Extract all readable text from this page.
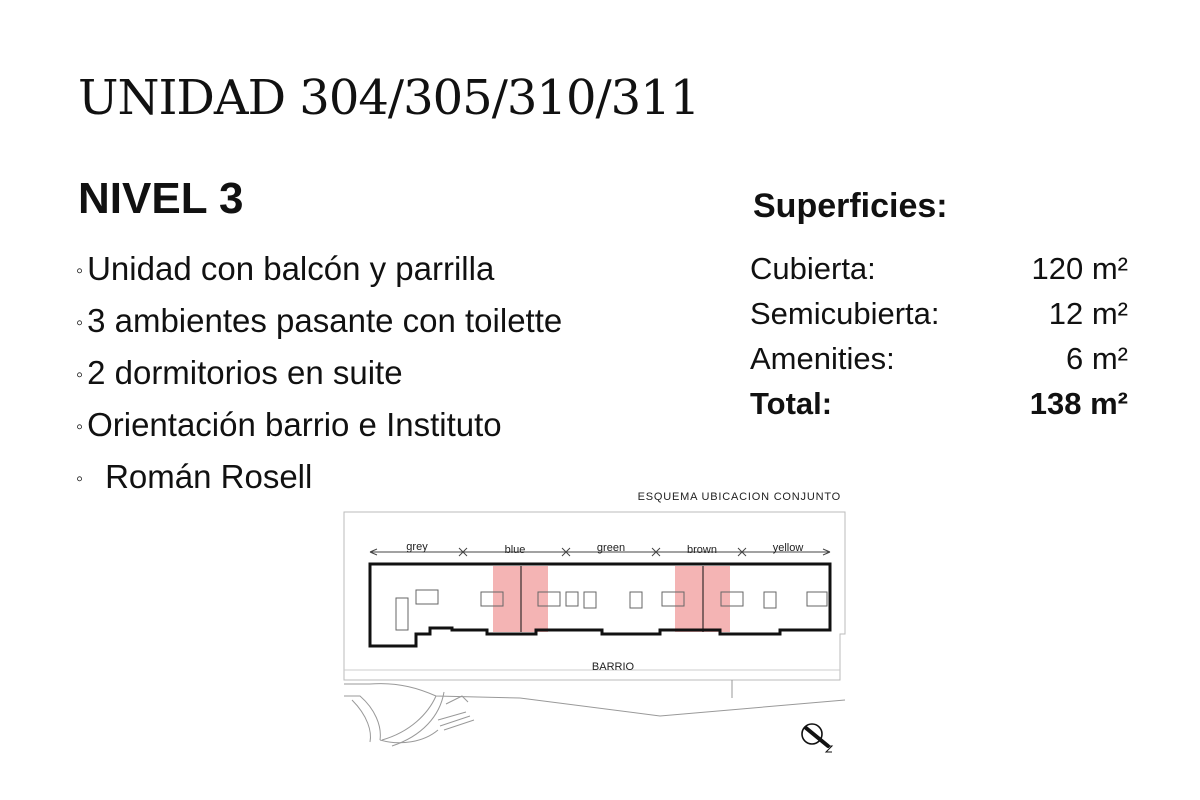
UNIDAD 304/305/310/311
NIVEL 3
◦ Unidad con balcón y parrilla
◦ 3 ambientes pasante con toilette
◦ 2 dormitorios en suite
◦ Orientación barrio e Instituto
◦ Román Rosell
Superficies:
Cubierta:	120 m²
Semicubierta:	12 m²
Amenities:	6 m²
Total:	138 m²
ESQUEMA UBICACION CONJUNTO
grey	blue	green	brown	yellow
BARRIO
